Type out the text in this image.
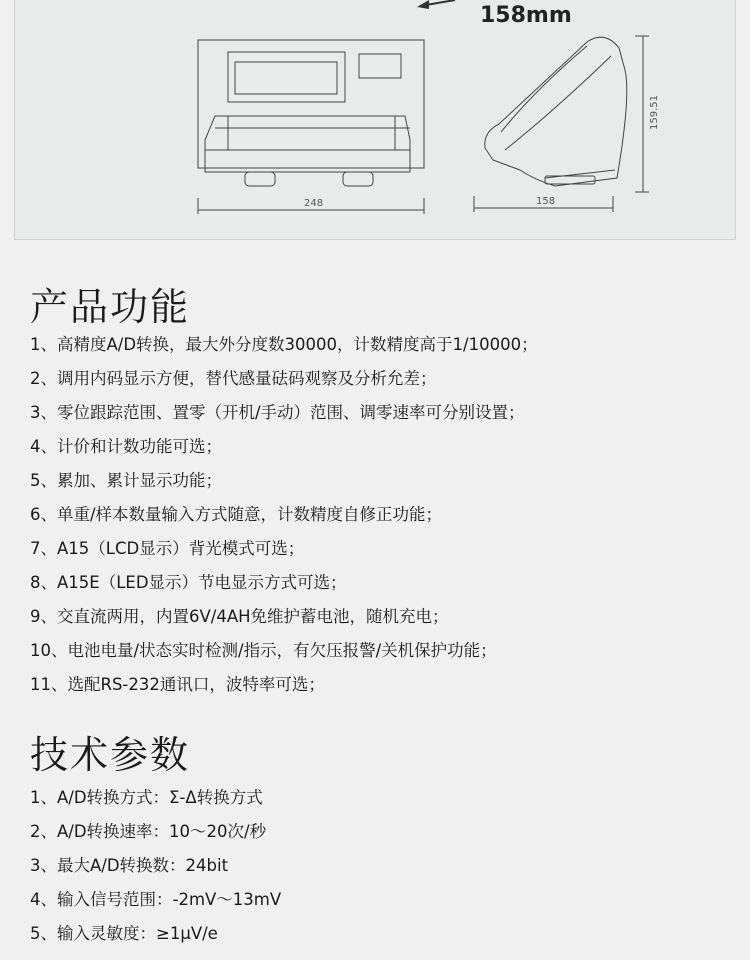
158mm
248	158
159.51
产品功能
1、高精度A/D转换，最大外分度数30000，计数精度高于1/10000；
2、调用内码显示方便，替代感量砝码观察及分析允差；
3、零位跟踪范围、置零（开机/手动）范围、调零速率可分别设置；
4、计价和计数功能可选；
5、累加、累计显示功能；
6、单重/样本数量输入方式随意，计数精度自修正功能；
7、A15（LCD显示）背光模式可选；
8、A15E（LED显示）节电显示方式可选；
9、交直流两用，内置6V/4AH免维护蓄电池，随机充电；
10、电池电量/状态实时检测/指示，有欠压报警/关机保护功能；
11、选配RS-232通讯口，波特率可选；
技术参数
1、A/D转换方式：Σ-Δ转换方式
2、A/D转换速率：10～20次/秒
3、最大A/D转换数：24bit
4、输入信号范围：-2mV～13mV
5、输入灵敏度：≥1μV/e
